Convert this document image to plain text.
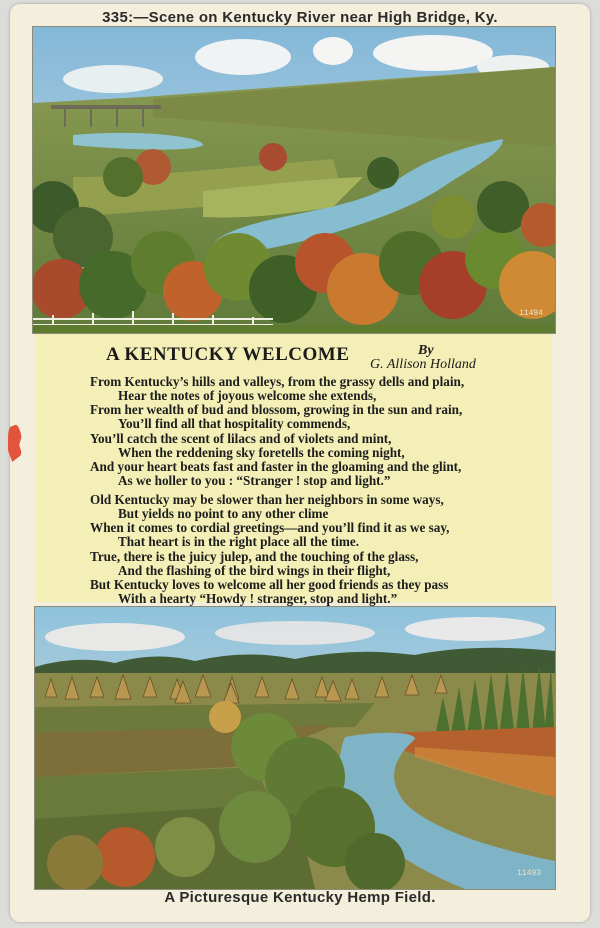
335:—Scene on Kentucky River near High Bridge, Ky.
11494
A KENTUCKY WELCOME	By
G. Allison Holland
From Kentucky’s hills and valleys, from the grassy dells and plain,
Hear the notes of joyous welcome she extends,
From her wealth of bud and blossom, growing in the sun and rain,
You’ll find all that hospitality commends,
You’ll catch the scent of lilacs and of violets and mint,
When the reddening sky foretells the coming night,
And your heart beats fast and faster in the gloaming and the glint,
As we holler to you : “Stranger ! stop and light.”
Old Kentucky may be slower than her neighbors in some ways,
But yields no point to any other clime
When it comes to cordial greetings—and you’ll find it as we say,
That heart is in the right place all the time.
True, there is the juicy julep, and the touching of the glass,
And the flashing of the bird wings in their flight,
But Kentucky loves to welcome all her good friends as they pass
With a hearty “Howdy ! stranger, stop and light.”
11493
A Picturesque Kentucky Hemp Field.
